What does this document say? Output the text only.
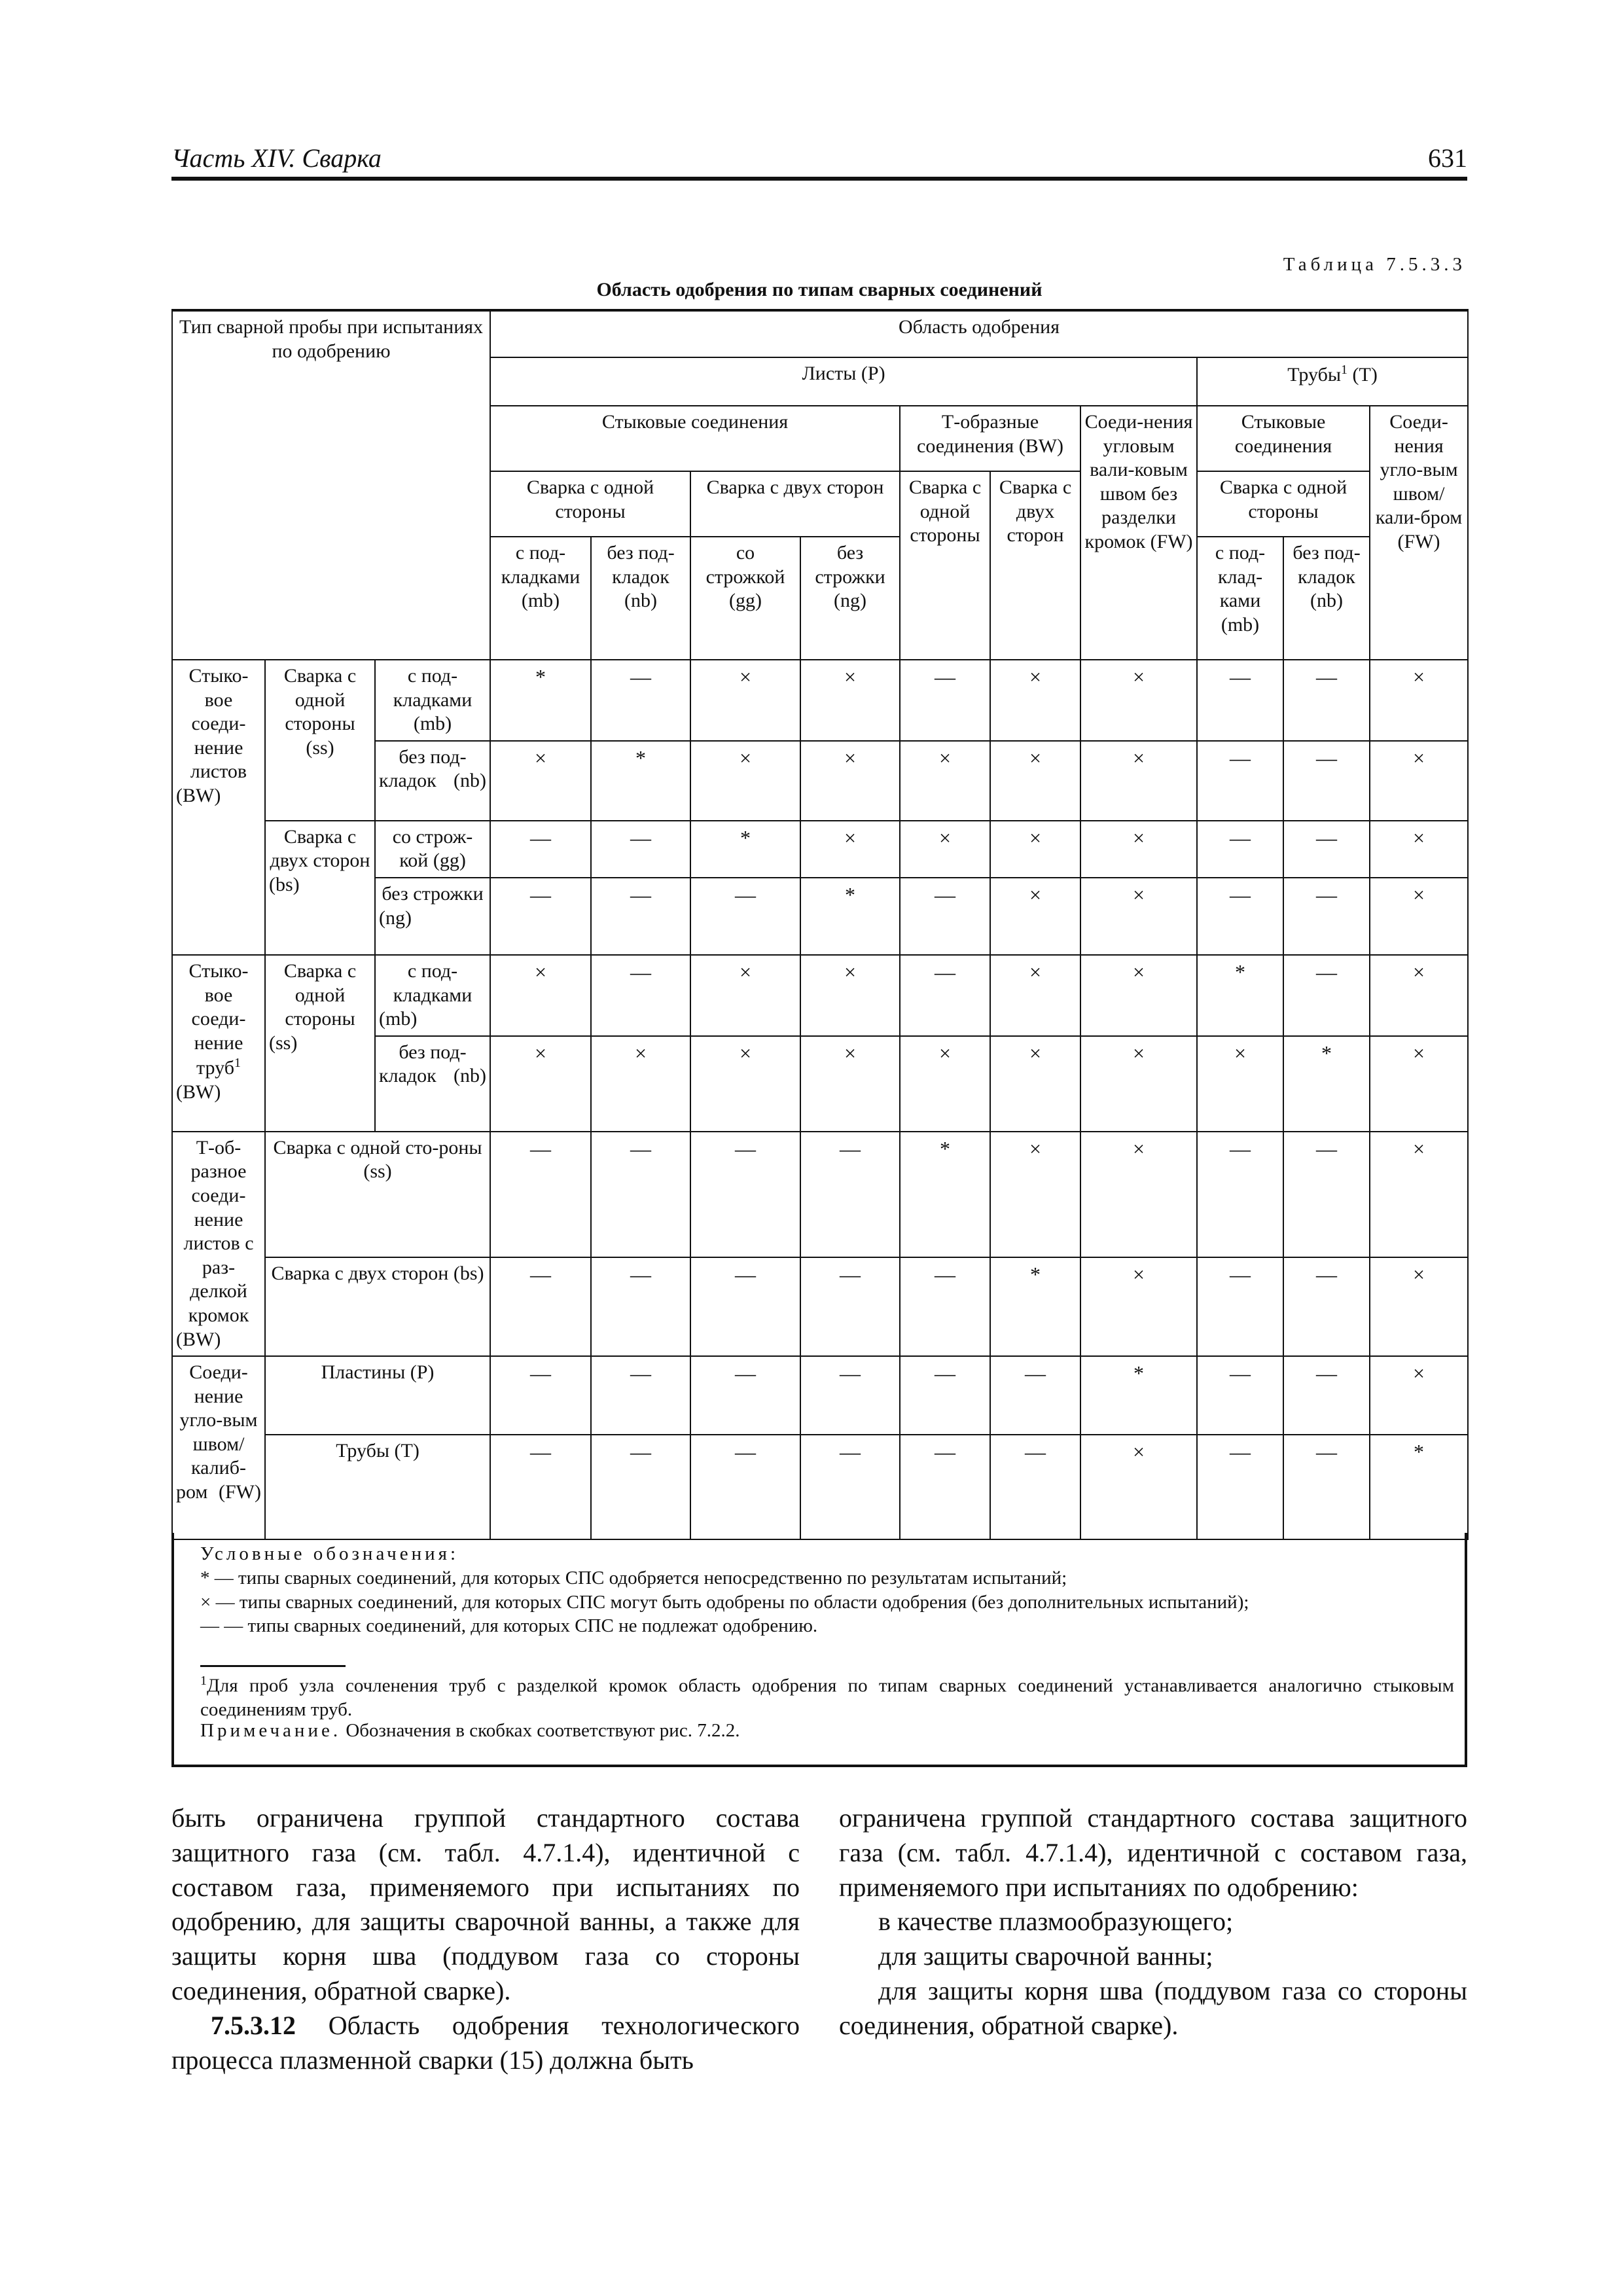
Часть XIV. Сварка	631
Таблица 7.5.3.3
Область одобрения по типам сварных соединений
Тип сварной пробы при испытаниях по одобрению			Область одобрения									
			Листы (P)							Трубы$^1$ (T)		
			Стыковые соединения				Т-образные соединения (BW)		Соеди-нения угловым вали-ковым швом без разделки кромок (FW)	Стыковые соединения		Соеди-нения угло-вым швом/ кали-бром (FW)
			Сварка с одной стороны		Сварка с двух сторон		Сварка с одной стороны	Сварка с двух сторон		Сварка с одной стороны		
			с под-кладками (mb)	без под-кладок (nb)	со строжкой (gg)	без строжки (ng)				с под-клад-ками (mb)	без под-кладок (nb)	
Стыко-вое соеди-нение листов (BW)	Сварка с одной стороны (ss)	с под-кладками (mb)	*	—	×	×	—	×	×	—	—	×
		без под-кладок (nb)	×	*	×	×	×	×	×	—	—	×
	Сварка с двух сторон (bs)	со строж-кой (gg)	—	—	*	×	×	×	×	—	—	×
		без строжки (ng)	—	—	—	*	—	×	×	—	—	×
Стыко-вое соеди-нение труб$^1$ (BW)	Сварка с одной стороны (ss)	с под-кладками (mb)	×	—	×	×	—	×	×	*	—	×
		без под-кладок (nb)	×	×	×	×	×	×	×	×	*	×
Т-об-разное соеди-нение листов с раз-делкой кромок (BW)	Сварка с одной сто-роны (ss)		—	—	—	—	*	×	×	—	—	×
	Сварка с двух сторон (bs)		—	—	—	—	—	*	×	—	—	×
Соеди-нение угло-вым швом/ калиб-ром (FW)	Пластины (P)		—	—	—	—	—	—	*	—	—	×
	Трубы (T)		—	—	—	—	—	—	×	—	—	*
Условные обозначения:
* — типы сварных соединений, для которых СПС одобряется непосредственно по результатам испытаний;
× — типы сварных соединений, для которых СПС могут быть одобрены по области одобрения (без дополнительных испытаний);
— — типы сварных соединений, для которых СПС не подлежат одобрению.
$^1$Для проб узла сочленения труб с разделкой кромок область одобрения по типам сварных соединений устанавливается аналогично стыковым соединениям труб.
Примечание. Обозначения в скобках соответствуют рис. 7.2.2.

быть ограничена группой стандартного состава защитного газа (см. табл. 4.7.1.4), идентичной с составом газа, применяемого при испытаниях по одобрению, для защиты сварочной ванны, а также для защиты корня шва (поддувом газа со стороны соединения, обратной сварке).

7.5.3.12 Область одобрения технологического процесса плазменной сварки (15) должна быть

ограничена группой стандартного состава защитного газа (см. табл. 4.7.1.4), идентичной с составом газа, применяемого при испытаниях по одобрению:

в качестве плазмообразующего;

для защиты сварочной ванны;

для защиты корня шва (поддувом газа со стороны соединения, обратной сварке).
